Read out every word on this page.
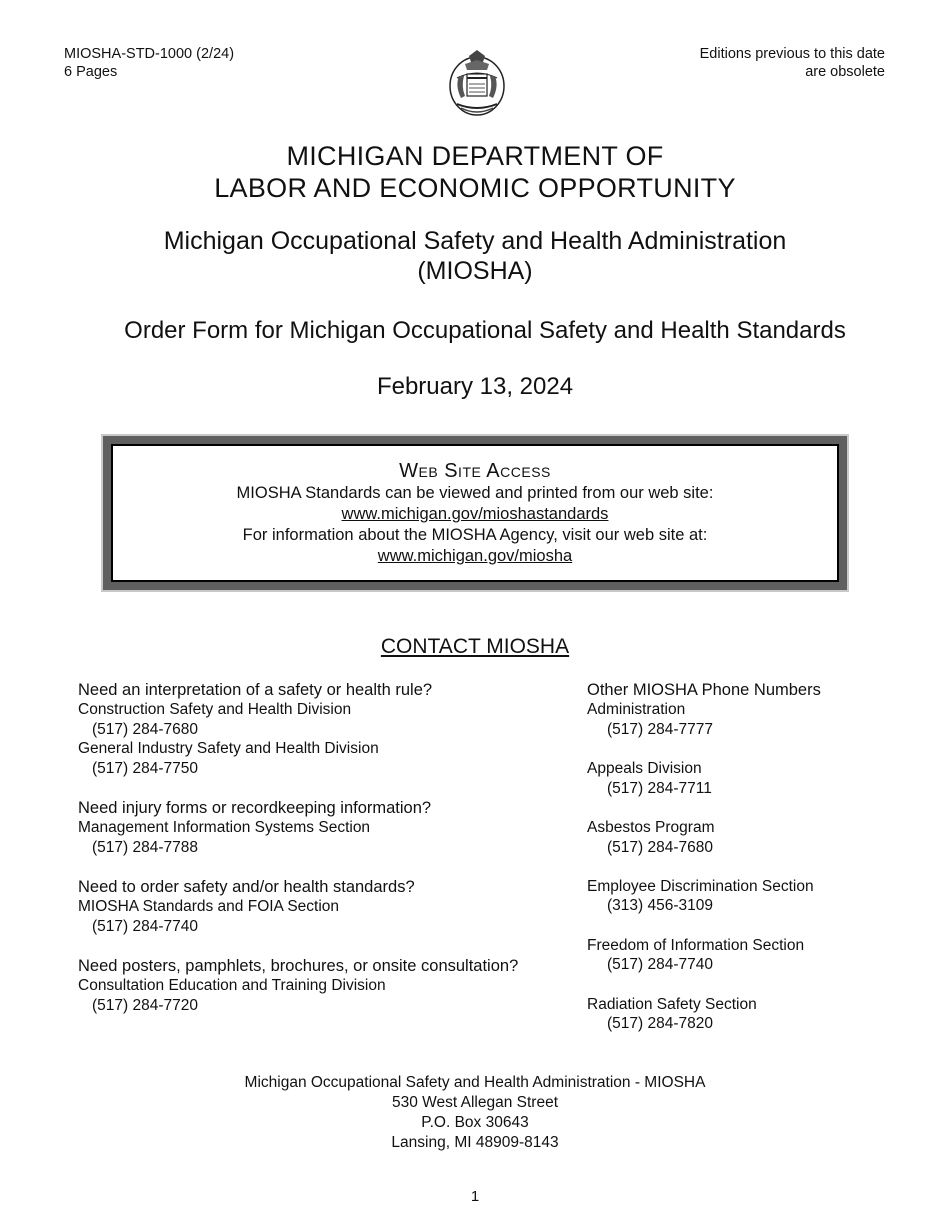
MIOSHA-STD-1000 (2/24)
6 Pages
Editions previous to this date
are obsolete
MICHIGAN DEPARTMENT OF
LABOR AND ECONOMIC OPPORTUNITY
Michigan Occupational Safety and Health Administration
(MIOSHA)
Order Form for Michigan Occupational Safety and Health Standards
February 13, 2024
Web Site Access
MIOSHA Standards can be viewed and printed from our web site:
www.michigan.gov/mioshastandards
For information about the MIOSHA Agency, visit our web site at:
www.michigan.gov/miosha
CONTACT MIOSHA
Need an interpretation of a safety or health rule?
Construction Safety and Health Division
(517) 284-7680
General Industry Safety and Health Division
(517) 284-7750
Need injury forms or recordkeeping information?
Management Information Systems Section
(517) 284-7788
Need to order safety and/or health standards?
MIOSHA Standards and FOIA Section
(517) 284-7740
Need posters, pamphlets, brochures, or onsite consultation?
Consultation Education and Training Division
(517) 284-7720
Other MIOSHA Phone Numbers
Administration
(517) 284-7777
Appeals Division
(517) 284-7711
Asbestos Program
(517) 284-7680
Employee Discrimination Section
(313) 456-3109
Freedom of Information Section
(517) 284-7740
Radiation Safety Section
(517) 284-7820
Michigan Occupational Safety and Health Administration - MIOSHA
530 West Allegan Street
P.O. Box 30643
Lansing, MI 48909-8143
1
